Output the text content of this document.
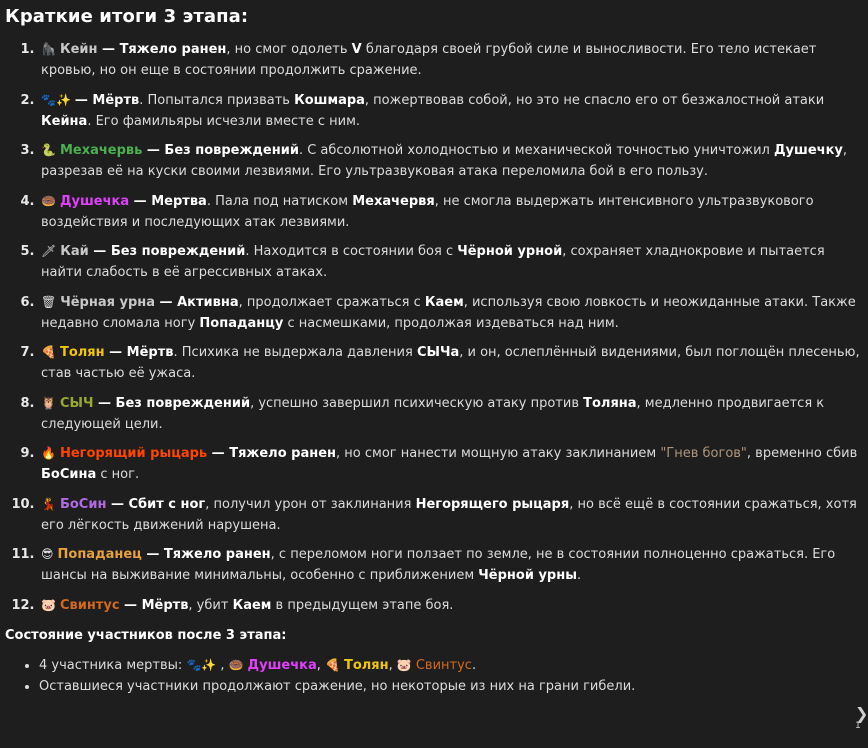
Краткие итоги 3 этапа:
1. 🦍 Кейн — Тяжело ранен, но смог одолеть V благодаря своей грубой силе и выносливости. Его тело истекает кровью, но он еще в состоянии продолжить сражение.
2. 🐾✨ — Мёртв. Попытался призвать Кошмара, пожертвовав собой, но это не спасло его от безжалостной атаки Кейна. Его фамильяры исчезли вместе с ним.
3. 🐍 Мехачервь — Без повреждений. С абсолютной холодностью и механической точностью уничтожил Душечку, разрезав её на куски своими лезвиями. Его ультразвуковая атака переломила бой в его пользу.
4. 🍩 Душечка — Мертва. Пала под натиском Мехачервя, не смогла выдержать интенсивного ультразвукового воздействия и последующих атак лезвиями.
5. 🗡 Кай — Без повреждений. Находится в состоянии боя с Чёрной урной, сохраняет хладнокровие и пытается найти слабость в её агрессивных атаках.
6. 🗑 Чёрная урна — Активна, продолжает сражаться с Каем, используя свою ловкость и неожиданные атаки. Также недавно сломала ногу Попаданцу с насмешками, продолжая издеваться над ним.
7. 🍕 Толян — Мёртв. Психика не выдержала давления СЫЧа, и он, ослеплённый видениями, был поглощён плесенью, став частью её ужаса.
8. 🦉 СЫЧ — Без повреждений, успешно завершил психическую атаку против Толяна, медленно продвигается к следующей цели.
9. 🔥 Негорящий рыцарь — Тяжело ранен, но смог нанести мощную атаку заклинанием "Гнев богов", временно сбив БоСина с ног.
10. 💃 БоСин — Сбит с ног, получил урон от заклинания Негорящего рыцаря, но всё ещё в состоянии сражаться, хотя его лёгкость движений нарушена.
11. 😎 Попаданец — Тяжело ранен, с переломом ноги ползает по земле, не в состоянии полноценно сражаться. Его шансы на выживание минимальны, особенно с приближением Чёрной урны.
12. 🐷 Свинтус — Мёртв, убит Каем в предыдущем этапе боя.
Состояние участников после 3 этапа:
• 4 участника мертвы: 🐾✨ , 🍩 Душечка, 🍕 Толян, 🐷 Свинтус.
• Оставшиеся участники продолжают сражение, но некоторые из них на грани гибели.
❯
1
